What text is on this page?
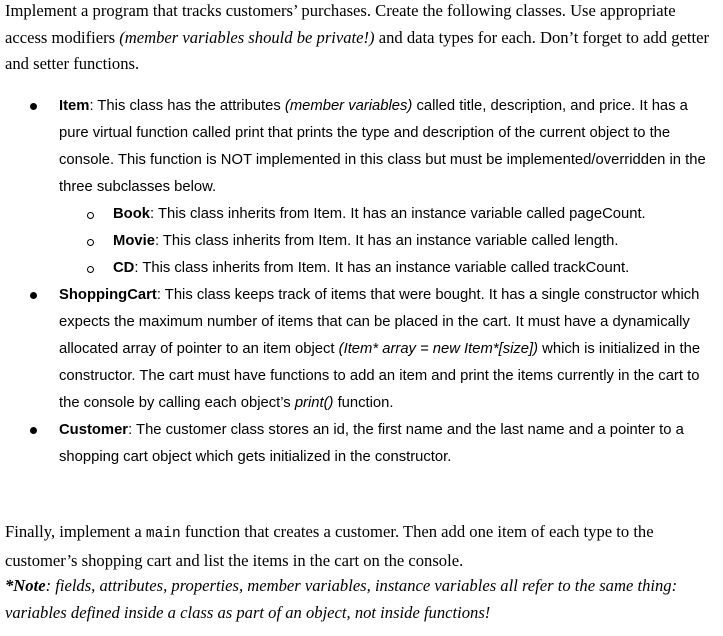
Implement a program that tracks customers’ purchases. Create the following classes. Use appropriate access modifiers (member variables should be private!) and data types for each. Don’t forget to add getter and setter functions.

Item: This class has the attributes (member variables) called title, description, and price. It has a pure virtual function called print that prints the type and description of the current object to the console. This function is NOT implemented in this class but must be implemented/overridden in the three subclasses below.
Book: This class inherits from Item. It has an instance variable called pageCount.
Movie: This class inherits from Item. It has an instance variable called length.
CD: This class inherits from Item. It has an instance variable called trackCount.
ShoppingCart: This class keeps track of items that were bought. It has a single constructor which expects the maximum number of items that can be placed in the cart. It must have a dynamically allocated array of pointer to an item object (Item* array = new Item*[size]) which is initialized in the constructor. The cart must have functions to add an item and print the items currently in the cart to the console by calling each object’s print() function.
Customer: The customer class stores an id, the first name and the last name and a pointer to a shopping cart object which gets initialized in the constructor.

Finally, implement a main function that creates a customer. Then add one item of each type to the customer’s shopping cart and list the items in the cart on the console.

*Note: fields, attributes, properties, member variables, instance variables all refer to the same thing: variables defined inside a class as part of an object, not inside functions!
